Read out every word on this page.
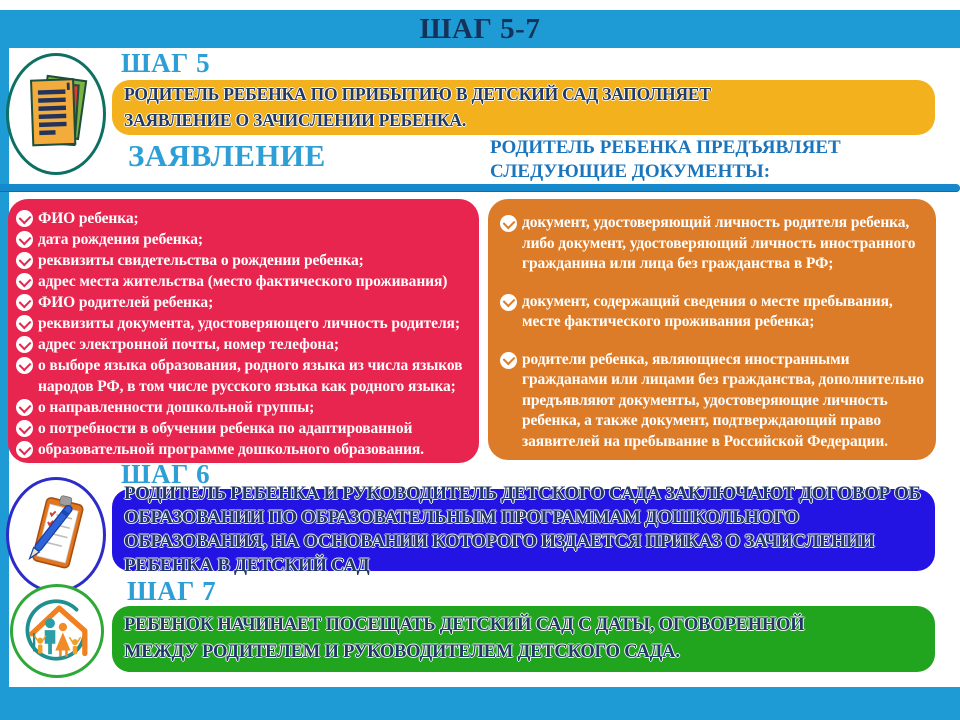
ШАГ 5-7
ШАГ 5

РОДИТЕЛЬ РЕБЕНКА ПО ПРИБЫТИЮ В ДЕТСКИЙ САД ЗАПОЛНЯЕТ ЗАЯВЛЕНИЕ О ЗАЧИСЛЕНИИ РЕБЕНКА.

ЗАЯВЛЕНИЕ	РОДИТЕЛЬ РЕБЕНКА ПРЕДЪЯВЛЯЕТ
СЛЕДУЮЩИЕ ДОКУМЕНТЫ:
ФИО ребенка;
дата рождения ребенка;
реквизиты свидетельства о рождении ребенка;
адрес места жительства (место фактического проживания)
ФИО родителей ребенка;
реквизиты документа, удостоверяющего личность родителя;
адрес электронной почты, номер телефона;
о выборе языка образования, родного языка из числа языков народов РФ, в том числе русского языка как родного языка;
о направленности дошкольной группы;
о потребности в обучении ребенка по адаптированной
образовательной программе дошкольного образования.
документ, удостоверяющий личность родителя ребенка, либо документ, удостоверяющий личность иностранного гражданина или лица без гражданства в РФ;
документ, содержащий сведения о месте пребывания, месте фактического проживания ребенка;
родители ребенка, являющиеся иностранными гражданами или лицами без гражданства, дополнительно предъявляют документы, удостоверяющие личность ребенка, а также документ, подтверждающий право заявителей на пребывание в Российской Федерации.
ШАГ 6

РОДИТЕЛЬ РЕБЕНКА И РУКОВОДИТЕЛЬ ДЕТСКОГО САДА ЗАКЛЮЧАЮТ ДОГОВОР ОБ ОБРАЗОВАНИИ ПО ОБРАЗОВАТЕЛЬНЫМ ПРОГРАММАМ ДОШКОЛЬНОГО ОБРАЗОВАНИЯ, НА ОСНОВАНИИ КОТОРОГО ИЗДАЕТСЯ ПРИКАЗ О ЗАЧИСЛЕНИИ РЕБЕНКА В ДЕТСКИЙ САД

ШАГ 7

РЕБЕНОК НАЧИНАЕТ ПОСЕЩАТЬ ДЕТСКИЙ САД С ДАТЫ, ОГОВОРЕННОЙ МЕЖДУ РОДИТЕЛЕМ И РУКОВОДИТЕЛЕМ ДЕТСКОГО САДА.
